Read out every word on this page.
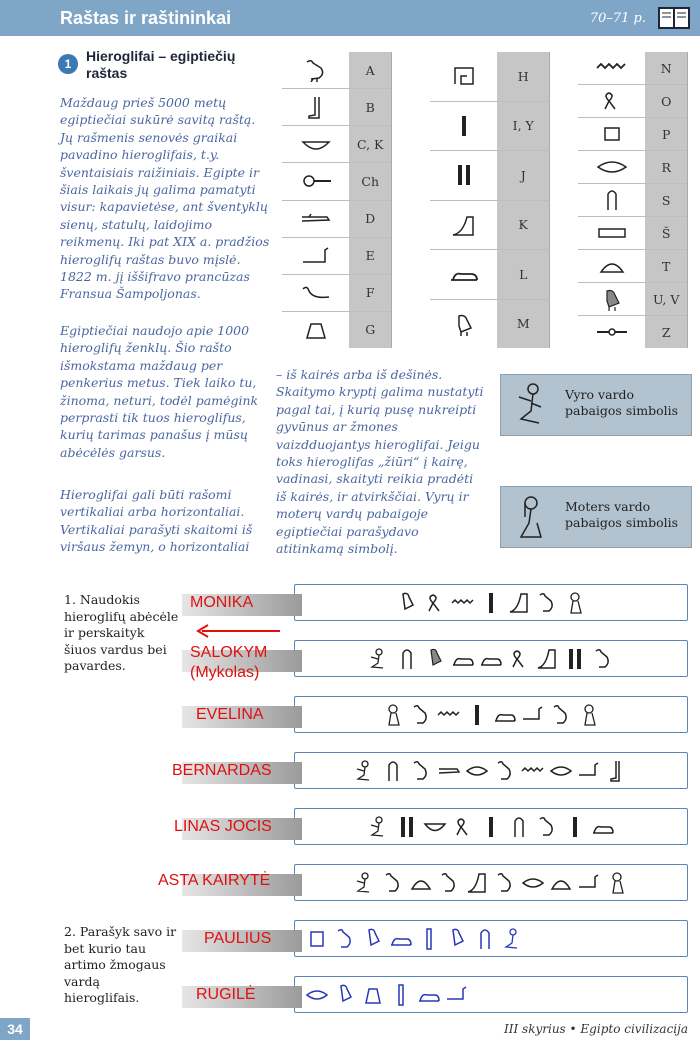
Raštas ir raštininkai	70–71 p.
1	Hieroglifai – egiptiečių raštas
Maždaug prieš 5000 metų egiptiečiai sukūrė savitą raštą. Jų rašmenis senovės graikai pavadino hieroglifais, t.y. šventaisiais raižiniais. Egipte ir šiais laikais jų galima pamatyti visur: kapavietėse, ant šventyklų sienų, statulų, laidojimo reikmenų. Iki pat XIX a. pradžios hieroglifų raštas buvo mįslė. 1822 m. jį iššifravo prancūzas Fransua Šampoljonas.
Egiptiečiai naudojo apie 1000 hieroglifų ženklų. Šio rašto išmokstama maždaug per penkerius metus. Tiek laiko tu, žinoma, neturi, todėl pamėgink perprasti tik tuos hieroglifus, kurių tarimas panašus į mūsų abėcėlės garsus.
Hieroglifai gali būti rašomi vertikaliai arba horizontaliai. Vertikaliai parašyti skaitomi iš viršaus žemyn, o horizontaliai
– iš kairės arba iš dešinės. Skaitymo kryptį galima nustatyti pagal tai, į kurią pusę nukreipti gyvūnus ar žmones vaizdduojantys hieroglifai. Jeigu toks hieroglifas „žiūri“ į kairę, vadinasi, skaityti reikia pradėti iš kairės, ir atvirkščiai. Vyrų ir moterų vardų pabaigoje egiptiečiai parašydavo atitinkamą simbolį.
A
B
C, K
Ch
D
E
F
G
H
I, Y
J
K
L
M
N
O
P
R
S
Š
T
U, V
Z
Vyro vardo pabaigos simbolis
Moters vardo pabaigos simbolis
1. Naudokis hieroglifų abėcėle ir perskaityk šiuos vardus bei pavardes.
2. Parašyk savo ir bet kurio tau artimo žmogaus vardą hieroglifais.
MONIKA
SALOKYM
(Mykolas)
EVELINA
BERNARDAS
LINAS JOCIS
ASTA KAIRYTĖ
PAULIUS
RUGILĖ
34	III skyrius • Egipto civilizacija
